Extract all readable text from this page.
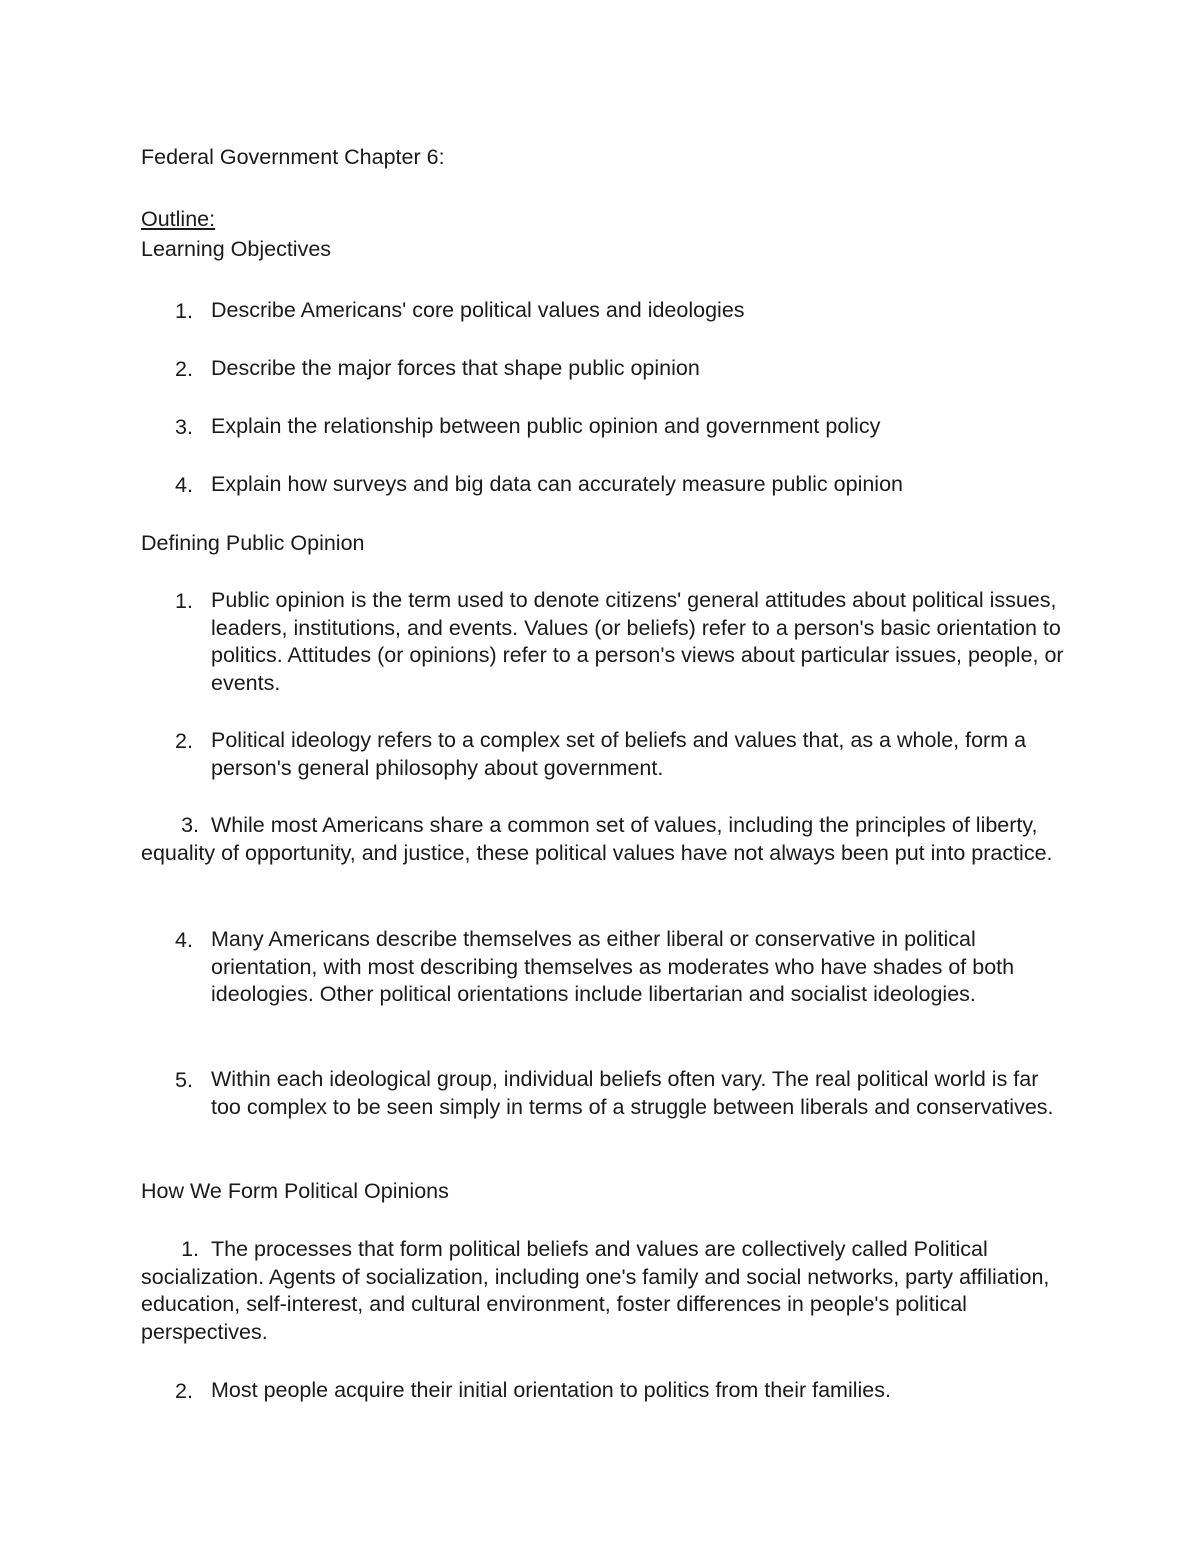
Federal Government Chapter 6:
Outline:
Learning Objectives
1. Describe Americans' core political values and ideologies
2. Describe the major forces that shape public opinion
3. Explain the relationship between public opinion and government policy
4. Explain how surveys and big data can accurately measure public opinion
Defining Public Opinion
1. Public opinion is the term used to denote citizens' general attitudes about political issues, leaders, institutions, and events. Values (or beliefs) refer to a person's basic orientation to politics. Attitudes (or opinions) refer to a person's views about particular issues, people, or events.
2. Political ideology refers to a complex set of beliefs and values that, as a whole, form a person's general philosophy about government.
3. While most Americans share a common set of values, including the principles of liberty, equality of opportunity, and justice, these political values have not always been put into practice.
4. Many Americans describe themselves as either liberal or conservative in political orientation, with most describing themselves as moderates who have shades of both ideologies. Other political orientations include libertarian and socialist ideologies.
5. Within each ideological group, individual beliefs often vary. The real political world is far too complex to be seen simply in terms of a struggle between liberals and conservatives.
How We Form Political Opinions
1. The processes that form political beliefs and values are collectively called Political socialization. Agents of socialization, including one's family and social networks, party affiliation, education, self-interest, and cultural environment, foster differences in people's political perspectives.
2. Most people acquire their initial orientation to politics from their families.
